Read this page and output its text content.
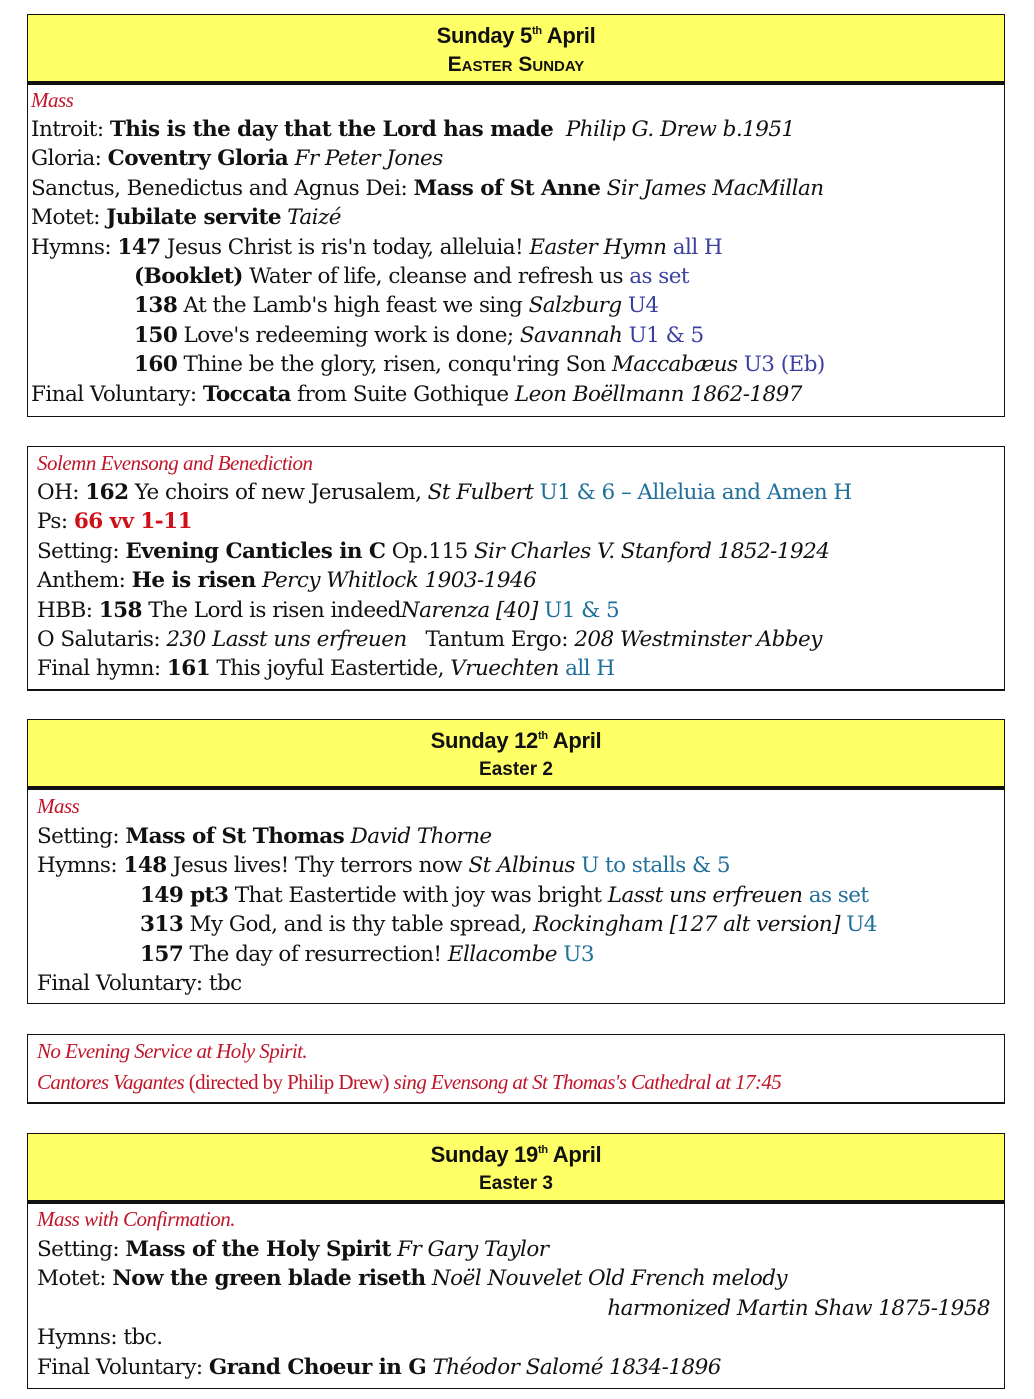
Sunday 5th April
Easter Sunday
Mass
Introit: This is the day that the Lord has made  Philip G. Drew b.1951
Gloria: Coventry Gloria Fr Peter Jones
Sanctus, Benedictus and Agnus Dei: Mass of St Anne Sir James MacMillan
Motet: Jubilate servite Taizé
Hymns: 147 Jesus Christ is ris'n today, alleluia! Easter Hymn all H
(Booklet) Water of life, cleanse and refresh us as set
138 At the Lamb's high feast we sing Salzburg U4
150 Love's redeeming work is done; Savannah U1 & 5
160 Thine be the glory, risen, conqu'ring Son Maccabæus U3 (Eb)
Final Voluntary: Toccata from Suite Gothique Leon Boëllmann 1862-1897
Solemn Evensong and Benediction
OH: 162 Ye choirs of new Jerusalem, St Fulbert U1 & 6 – Alleluia and Amen H
Ps: 66 vv 1-11
Setting: Evening Canticles in C Op.115 Sir Charles V. Stanford 1852-1924
Anthem: He is risen Percy Whitlock 1903-1946
HBB: 158 The Lord is risen indeedNarenza [40] U1 & 5
O Salutaris: 230 Lasst uns erfreuen   Tantum Ergo: 208 Westminster Abbey
Final hymn: 161 This joyful Eastertide, Vruechten all H
Sunday 12th April
Easter 2
Mass
Setting: Mass of St Thomas David Thorne
Hymns: 148 Jesus lives! Thy terrors now St Albinus U to stalls & 5
149 pt3 That Eastertide with joy was bright Lasst uns erfreuen as set
313 My God, and is thy table spread, Rockingham [127 alt version] U4
157 The day of resurrection! Ellacombe U3
Final Voluntary: tbc
No Evening Service at Holy Spirit.
Cantores Vagantes (directed by Philip Drew) sing Evensong at St Thomas's Cathedral at 17:45
Sunday 19th April
Easter 3
Mass with Confirmation.
Setting: Mass of the Holy Spirit Fr Gary Taylor
Motet: Now the green blade riseth Noël Nouvelet Old French melody
harmonized Martin Shaw 1875-1958
Hymns: tbc.
Final Voluntary: Grand Choeur in G Théodor Salomé 1834-1896
